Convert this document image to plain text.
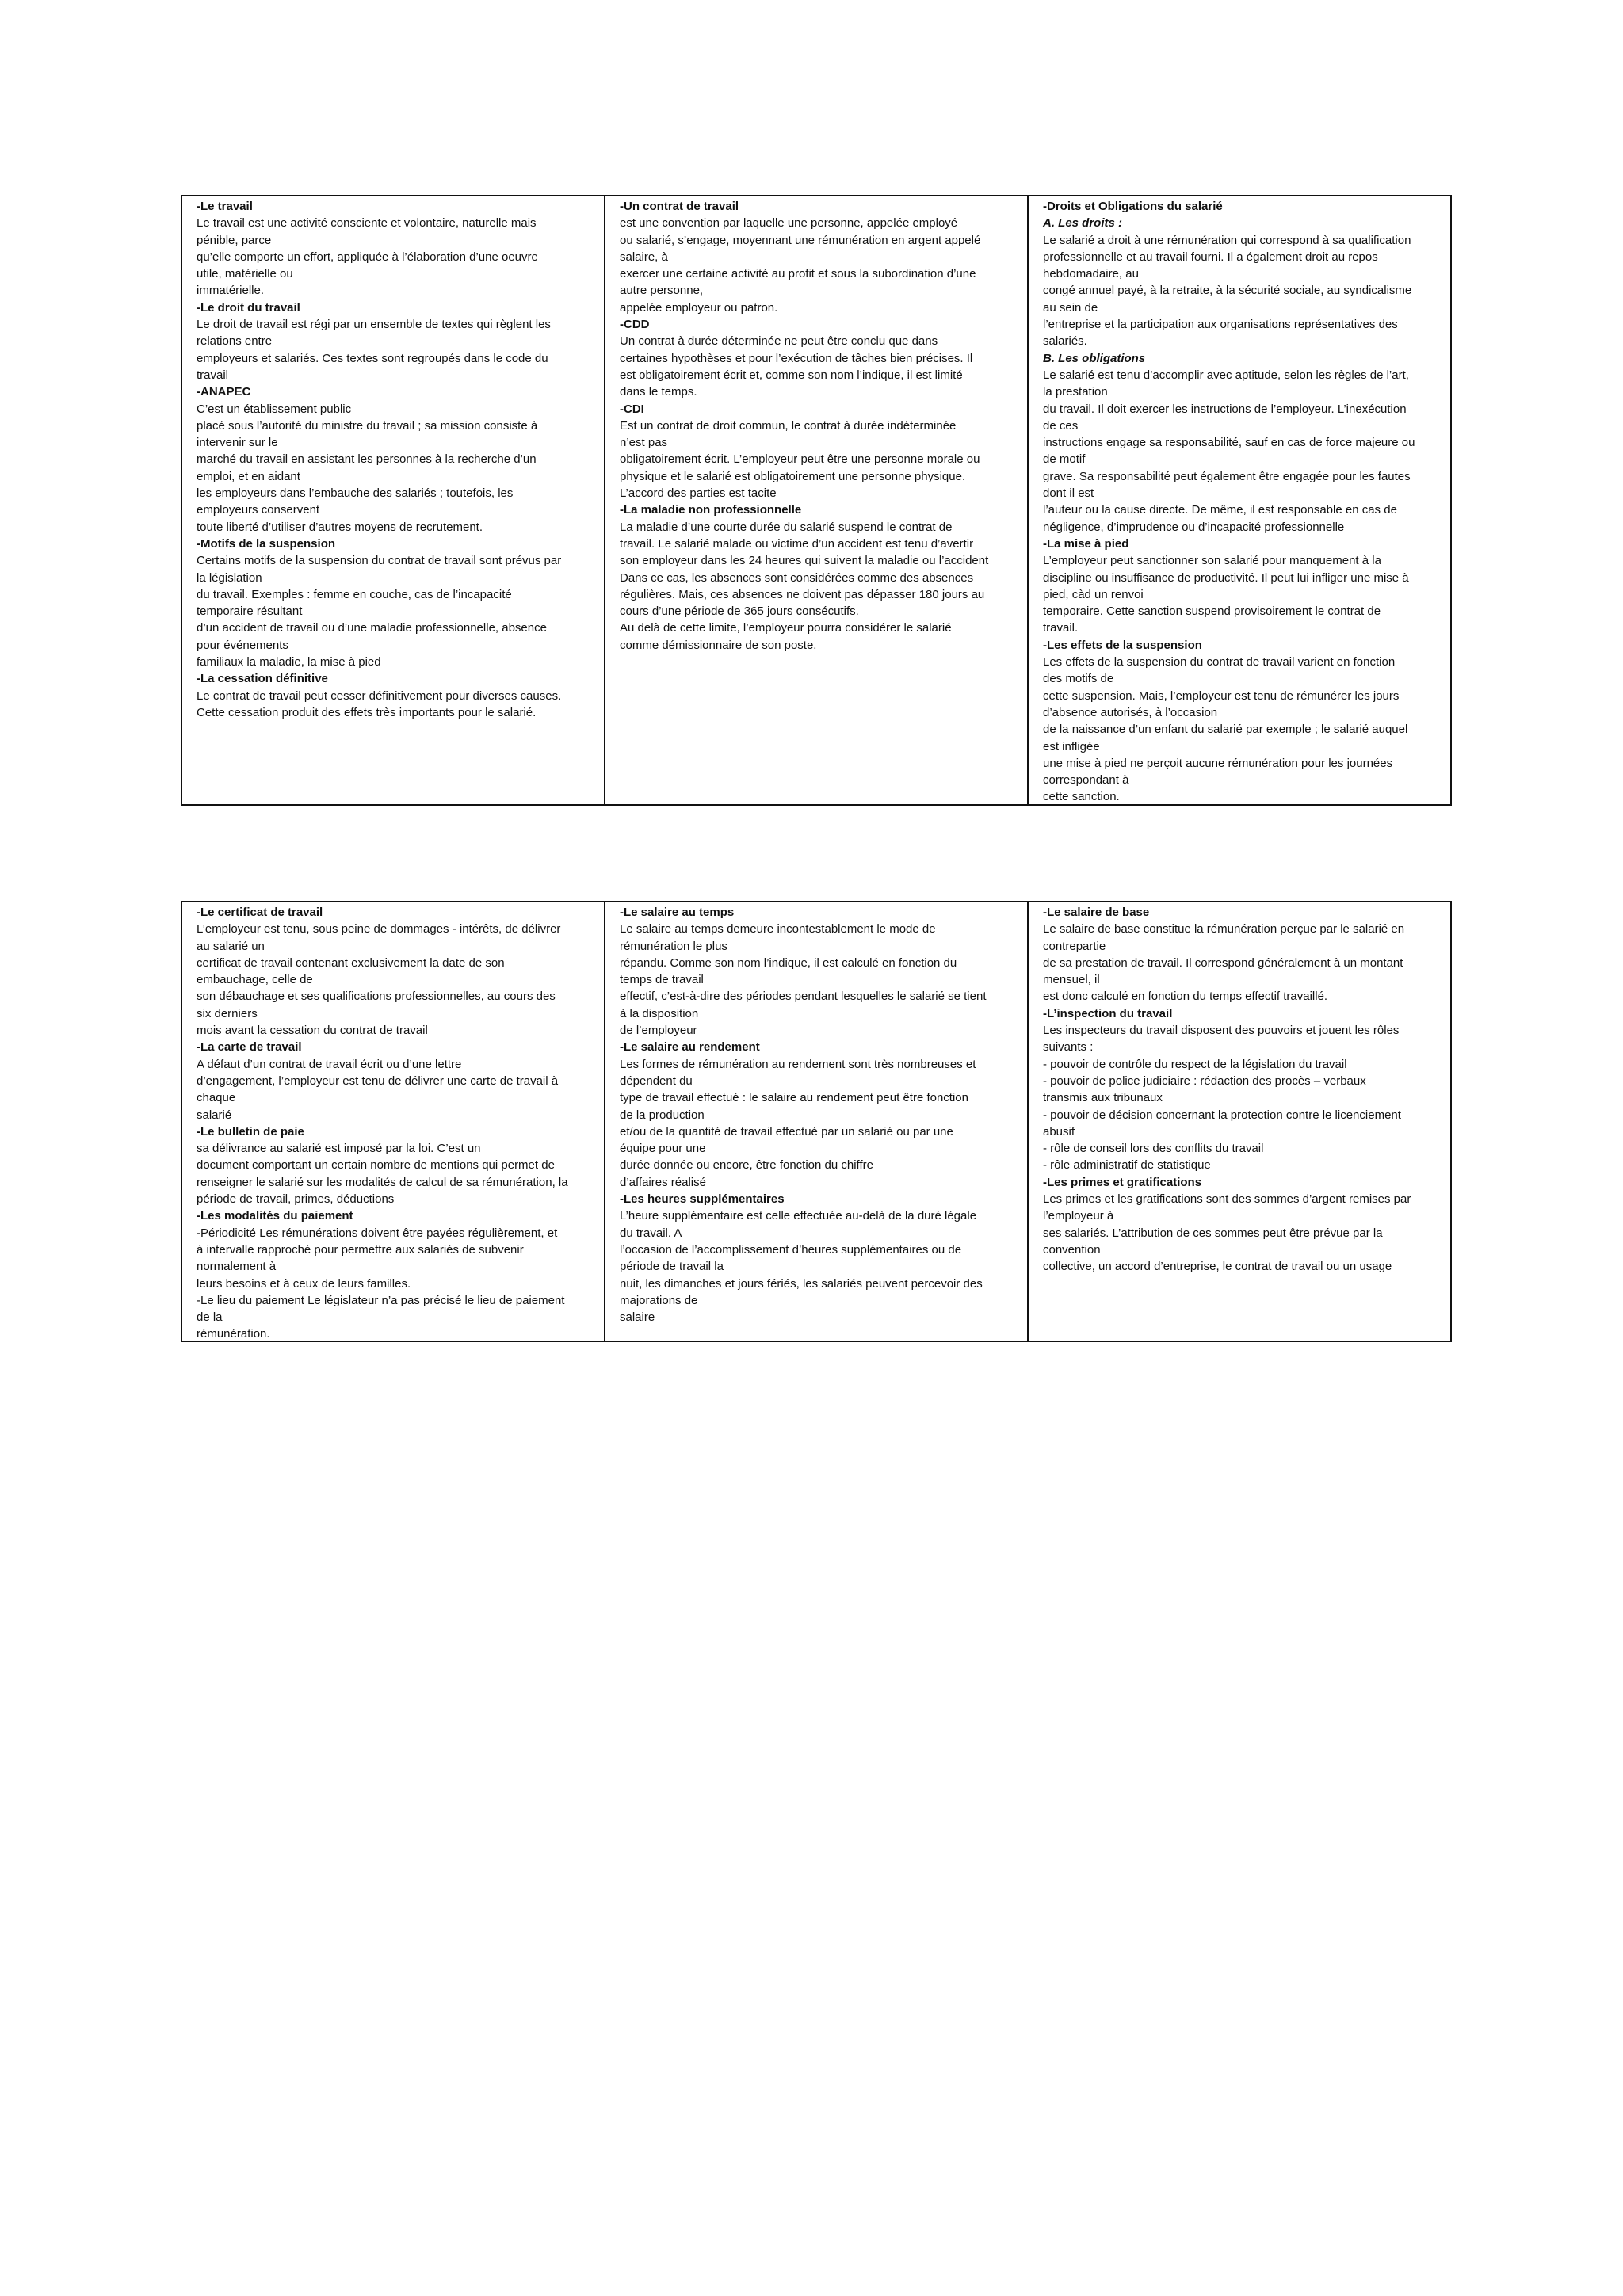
-Le travail
Le travail est une activité consciente et volontaire, naturelle mais
pénible, parce
qu’elle comporte un effort, appliquée à l’élaboration d’une oeuvre
utile, matérielle ou
immatérielle.
-Le droit du travail
Le droit de travail est régi par un ensemble de textes qui règlent les
relations entre
employeurs et salariés. Ces textes sont regroupés dans le code du
travail
-ANAPEC
C’est un établissement public
placé sous l’autorité du ministre du travail ; sa mission consiste à
intervenir sur le
marché du travail en assistant les personnes à la recherche d’un
emploi, et en aidant
les employeurs dans l’embauche des salariés ; toutefois, les
employeurs conservent
toute liberté d’utiliser d’autres moyens de recrutement.
-Motifs de la suspension
Certains motifs de la suspension du contrat de travail sont prévus par
la législation
du travail. Exemples : femme en couche, cas de l’incapacité
temporaire résultant
d’un accident de travail ou d’une maladie professionnelle, absence
pour événements
familiaux la maladie, la mise à pied
-La cessation définitive
Le contrat de travail peut cesser définitivement pour diverses causes.
Cette cessation produit des effets très importants pour le salarié.
-Un contrat de travail
est une convention par laquelle une personne, appelée employé
ou salarié, s’engage, moyennant une rémunération en argent appelé
salaire, à
exercer une certaine activité au profit et sous la subordination d’une
autre personne,
appelée employeur ou patron.
-CDD
Un contrat à durée déterminée ne peut être conclu que dans
certaines hypothèses et pour l’exécution de tâches bien précises. Il
est obligatoirement écrit et, comme son nom l’indique, il est limité
dans le temps.
-CDI
Est un contrat de droit commun, le contrat à durée indéterminée
n’est pas
obligatoirement écrit. L’employeur peut être une personne morale ou
physique et le salarié est obligatoirement une personne physique.
L’accord des parties est tacite
-La maladie non professionnelle
La maladie d’une courte durée du salarié suspend le contrat de
travail. Le salarié malade ou victime d’un accident est tenu d’avertir
son employeur dans les 24 heures qui suivent la maladie ou l’accident
Dans ce cas, les absences sont considérées comme des absences
régulières. Mais, ces absences ne doivent pas dépasser 180 jours au
cours d’une période de 365 jours consécutifs.
Au delà de cette limite, l’employeur pourra considérer le salarié
comme démissionnaire de son poste.
-Droits et Obligations du salarié
A. Les droits :
Le salarié a droit à une rémunération qui correspond à sa qualification
professionnelle et au travail fourni. Il a également droit au repos
hebdomadaire, au
congé annuel payé, à la retraite, à la sécurité sociale, au syndicalisme
au sein de
l’entreprise et la participation aux organisations représentatives des
salariés.
B. Les obligations
Le salarié est tenu d’accomplir avec aptitude, selon les règles de l’art,
la prestation
du travail. Il doit exercer les instructions de l’employeur. L’inexécution
de ces
instructions engage sa responsabilité, sauf en cas de force majeure ou
de motif
grave. Sa responsabilité peut également être engagée pour les fautes
dont il est
l’auteur ou la cause directe. De même, il est responsable en cas de
négligence, d’imprudence ou d’incapacité professionnelle
-La mise à pied
L’employeur peut sanctionner son salarié pour manquement à la
discipline ou insuffisance de productivité. Il peut lui infliger une mise à
pied, càd un renvoi
temporaire. Cette sanction suspend provisoirement le contrat de
travail.
-Les effets de la suspension
Les effets de la suspension du contrat de travail varient en fonction
des motifs de
cette suspension. Mais, l’employeur est tenu de rémunérer les jours
d’absence autorisés, à l’occasion
de la naissance d’un enfant du salarié par exemple ; le salarié auquel
est infligée
une mise à pied ne perçoit aucune rémunération pour les journées
correspondant à
cette sanction.
-Le certificat de travail
L’employeur est tenu, sous peine de dommages - intérêts, de délivrer
au salarié un
certificat de travail contenant exclusivement la date de son
embauchage, celle de
son débauchage et ses qualifications professionnelles, au cours des
six derniers
mois avant la cessation du contrat de travail
-La carte de travail
A défaut d’un contrat de travail écrit ou d’une lettre
d’engagement, l’employeur est tenu de délivrer une carte de travail à
chaque
salarié
-Le bulletin de paie
sa délivrance au salarié est imposé par la loi. C’est un
document comportant un certain nombre de mentions qui permet de
renseigner le salarié sur les modalités de calcul de sa rémunération, la
période de travail, primes, déductions
-Les modalités du paiement
-Périodicité Les rémunérations doivent être payées régulièrement, et
à intervalle rapproché pour permettre aux salariés de subvenir
normalement à
leurs besoins et à ceux de leurs familles.
-Le lieu du paiement Le législateur n’a pas précisé le lieu de paiement
de la
rémunération.
-Le salaire au temps
Le salaire au temps demeure incontestablement le mode de
rémunération le plus
répandu. Comme son nom l’indique, il est calculé en fonction du
temps de travail
effectif, c’est-à-dire des périodes pendant lesquelles le salarié se tient
à la disposition
de l’employeur
-Le salaire au rendement
Les formes de rémunération au rendement sont très nombreuses et
dépendent du
type de travail effectué : le salaire au rendement peut être fonction
de la production
et/ou de la quantité de travail effectué par un salarié ou par une
équipe pour une
durée donnée ou encore, être fonction du chiffre
d’affaires réalisé
-Les heures supplémentaires
L’heure supplémentaire est celle effectuée au-delà de la duré légale
du travail. A
l’occasion de l’accomplissement d’heures supplémentaires ou de
période de travail la
nuit, les dimanches et jours fériés, les salariés peuvent percevoir des
majorations de
salaire
-Le salaire de base
Le salaire de base constitue la rémunération perçue par le salarié en
contrepartie
de sa prestation de travail. Il correspond généralement à un montant
mensuel, il
est donc calculé en fonction du temps effectif travaillé.
-L’inspection du travail
Les inspecteurs du travail disposent des pouvoirs et jouent les rôles
suivants :
- pouvoir de contrôle du respect de la législation du travail
- pouvoir de police judiciaire : rédaction des procès – verbaux
transmis aux tribunaux
- pouvoir de décision concernant la protection contre le licenciement
abusif
- rôle de conseil lors des conflits du travail
- rôle administratif de statistique
-Les primes et gratifications
Les primes et les gratifications sont des sommes d’argent remises par
l’employeur à
ses salariés. L’attribution de ces sommes peut être prévue par la
convention
collective, un accord d’entreprise, le contrat de travail ou un usage
